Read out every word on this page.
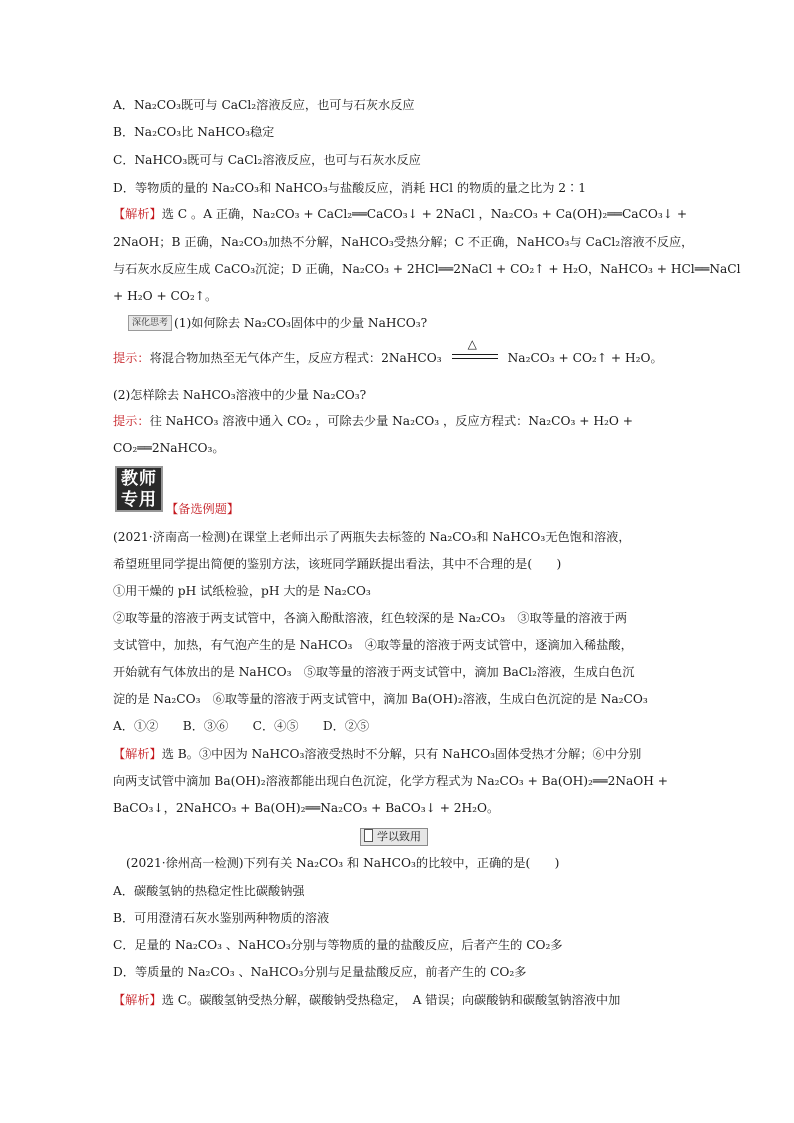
A．Na₂CO₃既可与 CaCl₂溶液反应，也可与石灰水反应
B．Na₂CO₃比 NaHCO₃稳定
C．NaHCO₃既可与 CaCl₂溶液反应，也可与石灰水反应
D．等物质的量的 Na₂CO₃和 NaHCO₃与盐酸反应，消耗 HCl 的物质的量之比为 2∶1
【解析】选 C 。A 正确，Na₂CO₃ + CaCl₂══CaCO₃↓ + 2NaCl ，Na₂CO₃ + Ca(OH)₂══CaCO₃↓ +
2NaOH；B 正确，Na₂CO₃加热不分解，NaHCO₃受热分解；C 不正确，NaHCO₃与 CaCl₂溶液不反应，
与石灰水反应生成 CaCO₃沉淀；D 正确，Na₂CO₃ + 2HCl══2NaCl + CO₂↑ + H₂O，NaHCO₃ + HCl══NaCl
+ H₂O + CO₂↑。
深化思考 (1)如何除去 Na₂CO₃固体中的少量 NaHCO₃?
提示：将混合物加热至无气体产生，反应方程式：2NaHCO₃
△
Na₂CO₃ + CO₂↑ + H₂O。
(2)怎样除去 NaHCO₃溶液中的少量 Na₂CO₃?
提示：往 NaHCO₃ 溶液中通入 CO₂ ，可除去少量 Na₂CO₃ ，反应方程式：Na₂CO₃ + H₂O +
CO₂══2NaHCO₃。
教师
专用 【备选例题】
(2021·济南高一检测)在课堂上老师出示了两瓶失去标签的 Na₂CO₃和 NaHCO₃无色饱和溶液，
希望班里同学提出简便的鉴别方法，该班同学踊跃提出看法，其中不合理的是(　　)
①用干燥的 pH 试纸检验，pH 大的是 Na₂CO₃
②取等量的溶液于两支试管中，各滴入酚酞溶液，红色较深的是 Na₂CO₃　③取等量的溶液于两
支试管中，加热，有气泡产生的是 NaHCO₃　④取等量的溶液于两支试管中，逐滴加入稀盐酸，
开始就有气体放出的是 NaHCO₃　⑤取等量的溶液于两支试管中，滴加 BaCl₂溶液，生成白色沉
淀的是 Na₂CO₃　⑥取等量的溶液于两支试管中，滴加 Ba(OH)₂溶液，生成白色沉淀的是 Na₂CO₃
A．①②　　B．③⑥　　C．④⑤　　D．②⑤
【解析】选 B。③中因为 NaHCO₃溶液受热时不分解，只有 NaHCO₃固体受热才分解；⑥中分别
向两支试管中滴加 Ba(OH)₂溶液都能出现白色沉淀，化学方程式为 Na₂CO₃ + Ba(OH)₂══2NaOH +
BaCO₃↓，2NaHCO₃ + Ba(OH)₂══Na₂CO₃ + BaCO₃↓ + 2H₂O。
学以致用
(2021·徐州高一检测)下列有关 Na₂CO₃ 和 NaHCO₃的比较中，正确的是(　　)
A．碳酸氢钠的热稳定性比碳酸钠强
B．可用澄清石灰水鉴别两种物质的溶液
C．足量的 Na₂CO₃ 、NaHCO₃分别与等物质的量的盐酸反应，后者产生的 CO₂多
D．等质量的 Na₂CO₃ 、NaHCO₃分别与足量盐酸反应，前者产生的 CO₂多
【解析】选 C。碳酸氢钠受热分解，碳酸钠受热稳定，　A 错误；向碳酸钠和碳酸氢钠溶液中加
